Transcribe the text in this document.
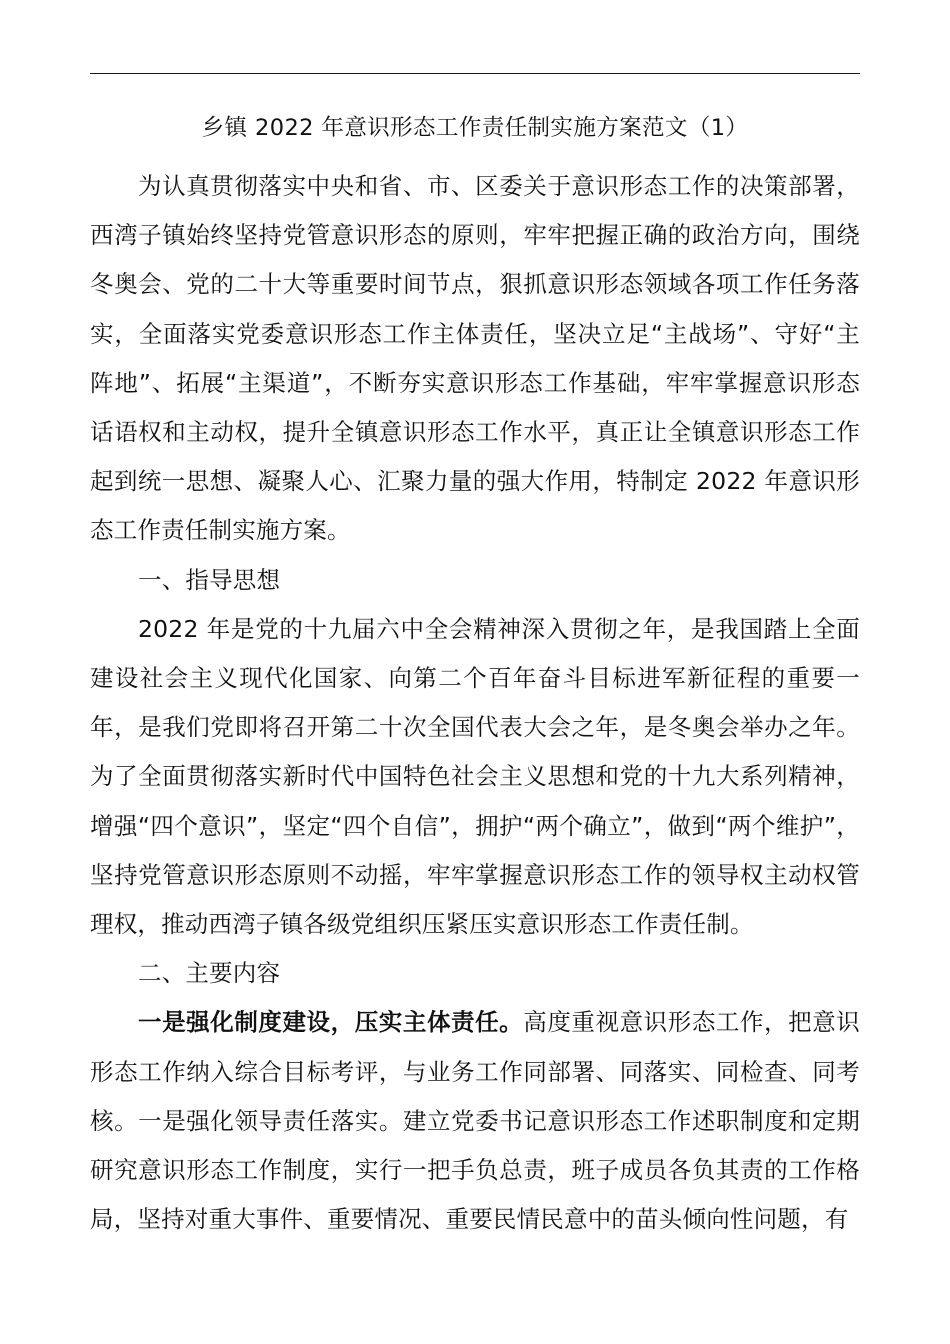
乡镇 2022 年意识形态工作责任制实施方案范文（1）

为认真贯彻落实中央和省、市、区委关于意识形态工作的决策部署，西湾子镇始终坚持党管意识形态的原则，牢牢把握正确的政治方向，围绕冬奥会、党的二十大等重要时间节点，狠抓意识形态领域各项工作任务落实，全面落实党委意识形态工作主体责任，坚决立足“主战场”、守好“主阵地”、拓展“主渠道”，不断夯实意识形态工作基础，牢牢掌握意识形态话语权和主动权，提升全镇意识形态工作水平，真正让全镇意识形态工作起到统一思想、凝聚人心、汇聚力量的强大作用，特制定 2022 年意识形态工作责任制实施方案。

一、指导思想

2022 年是党的十九届六中全会精神深入贯彻之年，是我国踏上全面建设社会主义现代化国家、向第二个百年奋斗目标进军新征程的重要一年，是我们党即将召开第二十次全国代表大会之年，是冬奥会举办之年。为了全面贯彻落实新时代中国特色社会主义思想和党的十九大系列精神，增强“四个意识”，坚定“四个自信”，拥护“两个确立”，做到“两个维护”，坚持党管意识形态原则不动摇，牢牢掌握意识形态工作的领导权主动权管理权，推动西湾子镇各级党组织压紧压实意识形态工作责任制。

二、主要内容

一是强化制度建设，压实主体责任。高度重视意识形态工作，把意识形态工作纳入综合目标考评，与业务工作同部署、同落实、同检查、同考核。一是强化领导责任落实。建立党委书记意识形态工作述职制度和定期研究意识形态工作制度，实行一把手负总责，班子成员各负其责的工作格局，坚持对重大事件、重要情况、重要民情民意中的苗头倾向性问题，有
